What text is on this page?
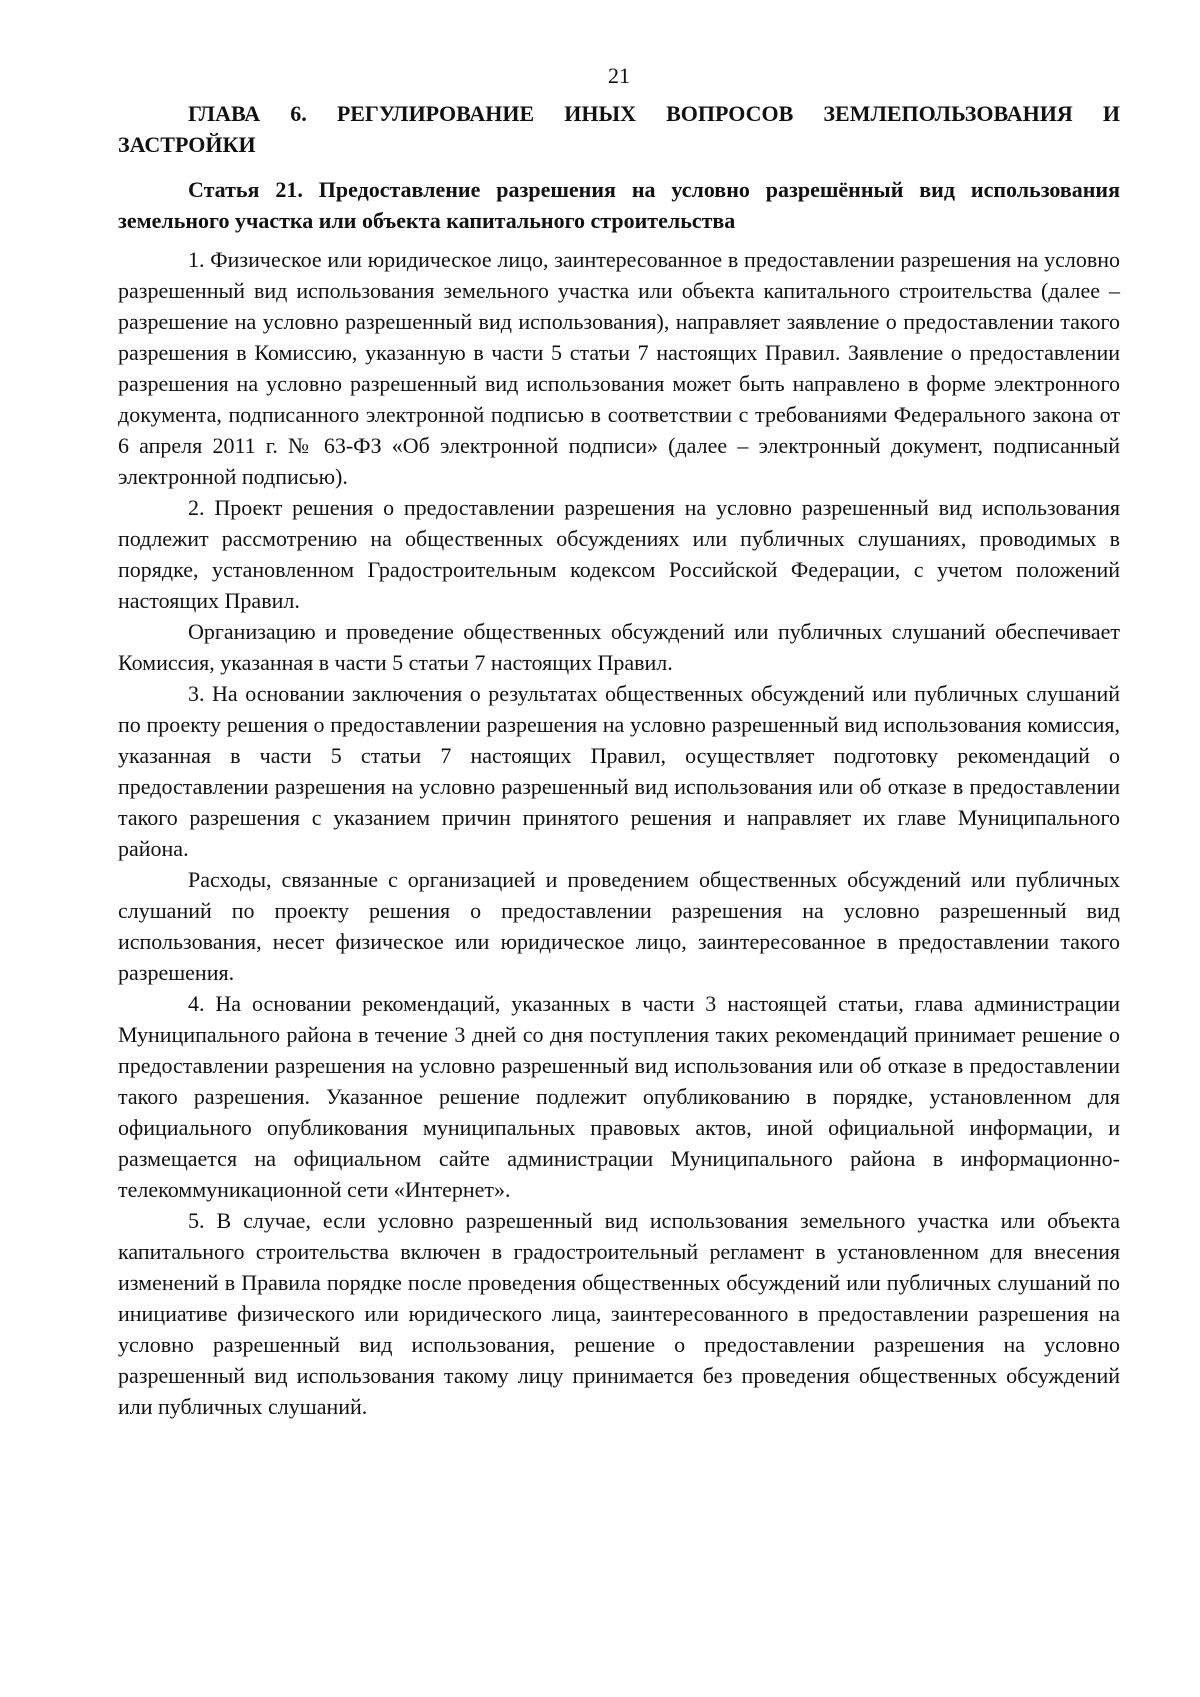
21
ГЛАВА 6. РЕГУЛИРОВАНИЕ ИНЫХ ВОПРОСОВ ЗЕМЛЕПОЛЬЗОВАНИЯ И ЗАСТРОЙКИ
Статья 21. Предоставление разрешения на условно разрешённый вид использования земельного участка или объекта капитального строительства

1. Физическое или юридическое лицо, заинтересованное в предоставлении разрешения на условно разрешенный вид использования земельного участка или объекта капитального строительства (далее – разрешение на условно разрешенный вид использования), направляет заявление о предоставлении такого разрешения в Комиссию, указанную в части 5 статьи 7 настоящих Правил. Заявление о предоставлении разрешения на условно разрешенный вид использования может быть направлено в форме электронного документа, подписанного электронной подписью в соответствии с требованиями Федерального закона от 6 апреля 2011 г. № 63-ФЗ «Об электронной подписи» (далее – электронный документ, подписанный электронной подписью).

2. Проект решения о предоставлении разрешения на условно разрешенный вид использования подлежит рассмотрению на общественных обсуждениях или публичных слушаниях, проводимых в порядке, установленном Градостроительным кодексом Российской Федерации, с учетом положений настоящих Правил.

Организацию и проведение общественных обсуждений или публичных слушаний обеспечивает Комиссия, указанная в части 5 статьи 7 настоящих Правил.

3. На основании заключения о результатах общественных обсуждений или публичных слушаний по проекту решения о предоставлении разрешения на условно разрешенный вид использования комиссия, указанная в части 5 статьи 7 настоящих Правил, осуществляет подготовку рекомендаций о предоставлении разрешения на условно разрешенный вид использования или об отказе в предоставлении такого разрешения с указанием причин принятого решения и направляет их главе Муниципального района.

Расходы, связанные с организацией и проведением общественных обсуждений или публичных слушаний по проекту решения о предоставлении разрешения на условно разрешенный вид использования, несет физическое или юридическое лицо, заинтересованное в предоставлении такого разрешения.

4. На основании рекомендаций, указанных в части 3 настоящей статьи, глава администрации Муниципального района в течение 3 дней со дня поступления таких рекомендаций принимает решение о предоставлении разрешения на условно разрешенный вид использования или об отказе в предоставлении такого разрешения. Указанное решение подлежит опубликованию в порядке, установленном для официального опубликования муниципальных правовых актов, иной официальной информации, и размещается на официальном сайте администрации Муниципального района в информационно-телекоммуникационной сети «Интернет».

5. В случае, если условно разрешенный вид использования земельного участка или объекта капитального строительства включен в градостроительный регламент в установленном для внесения изменений в Правила порядке после проведения общественных обсуждений или публичных слушаний по инициативе физического или юридического лица, заинтересованного в предоставлении разрешения на условно разрешенный вид использования, решение о предоставлении разрешения на условно разрешенный вид использования такому лицу принимается без проведения общественных обсуждений или публичных слушаний.
